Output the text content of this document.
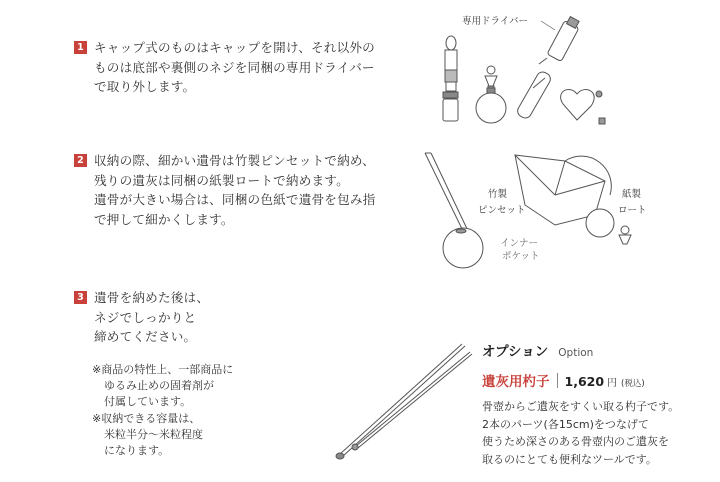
1 キャップ式のものはキャップを開け、それ以外の
ものは底部や裏側のネジを同梱の専用ドライバー
で取り外します。
2 収納の際、細かい遺骨は竹製ピンセットで納め、
残りの遺灰は同梱の紙製ロートで納めます。
遺骨が大きい場合は、同梱の色紙で遺骨を包み指
で押して細かくします。
3 遺骨を納めた後は、
ネジでしっかりと
締めてください。
※商品の特性上、一部商品に
ゆるみ止めの固着剤が
付属しています。
※収納できる容量は、
米粒半分〜米粒程度
になります。
専用ドライバー
竹製
ピンセット
紙製
ロート
インナー
ポケット
オプション Option
遺灰用杓子 1,620 円 (税込)
骨壺からご遺灰をすくい取る杓子です。
2本のパーツ(各15cm)をつなげて
使うため深さのある骨壺内のご遺灰を
取るのにとても便利なツールです。
